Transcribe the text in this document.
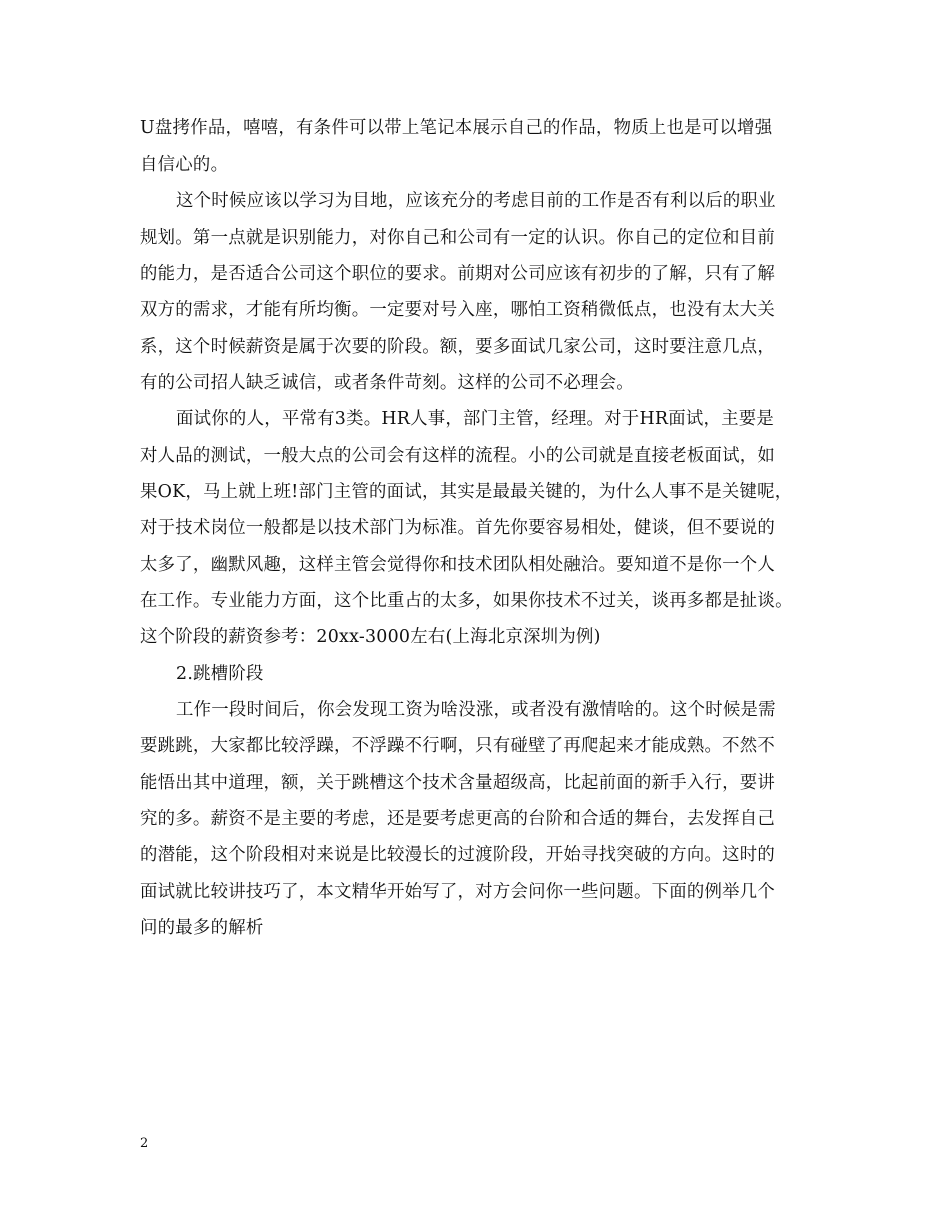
U盘拷作品，嘻嘻，有条件可以带上笔记本展示自己的作品，物质上也是可以增强
自信心的。
这个时候应该以学习为目地，应该充分的考虑目前的工作是否有利以后的职业
规划。第一点就是识别能力，对你自己和公司有一定的认识。你自己的定位和目前
的能力，是否适合公司这个职位的要求。前期对公司应该有初步的了解，只有了解
双方的需求，才能有所均衡。一定要对号入座，哪怕工资稍微低点，也没有太大关
系，这个时候薪资是属于次要的阶段。额，要多面试几家公司，这时要注意几点，
有的公司招人缺乏诚信，或者条件苛刻。这样的公司不必理会。
面试你的人，平常有3类。HR人事，部门主管，经理。对于HR面试，主要是
对人品的测试，一般大点的公司会有这样的流程。小的公司就是直接老板面试，如
果OK，马上就上班!部门主管的面试，其实是最最关键的，为什么人事不是关键呢，
对于技术岗位一般都是以技术部门为标准。首先你要容易相处，健谈，但不要说的
太多了，幽默风趣，这样主管会觉得你和技术团队相处融洽。要知道不是你一个人
在工作。专业能力方面，这个比重占的太多，如果你技术不过关，谈再多都是扯谈。
这个阶段的薪资参考：20xx-3000左右(上海北京深圳为例)
2.跳槽阶段
工作一段时间后，你会发现工资为啥没涨，或者没有激情啥的。这个时候是需
要跳跳，大家都比较浮躁，不浮躁不行啊，只有碰壁了再爬起来才能成熟。不然不
能悟出其中道理，额，关于跳槽这个技术含量超级高，比起前面的新手入行，要讲
究的多。薪资不是主要的考虑，还是要考虑更高的台阶和合适的舞台，去发挥自己
的潜能，这个阶段相对来说是比较漫长的过渡阶段，开始寻找突破的方向。这时的
面试就比较讲技巧了，本文精华开始写了，对方会问你一些问题。下面的例举几个
问的最多的解析
2
